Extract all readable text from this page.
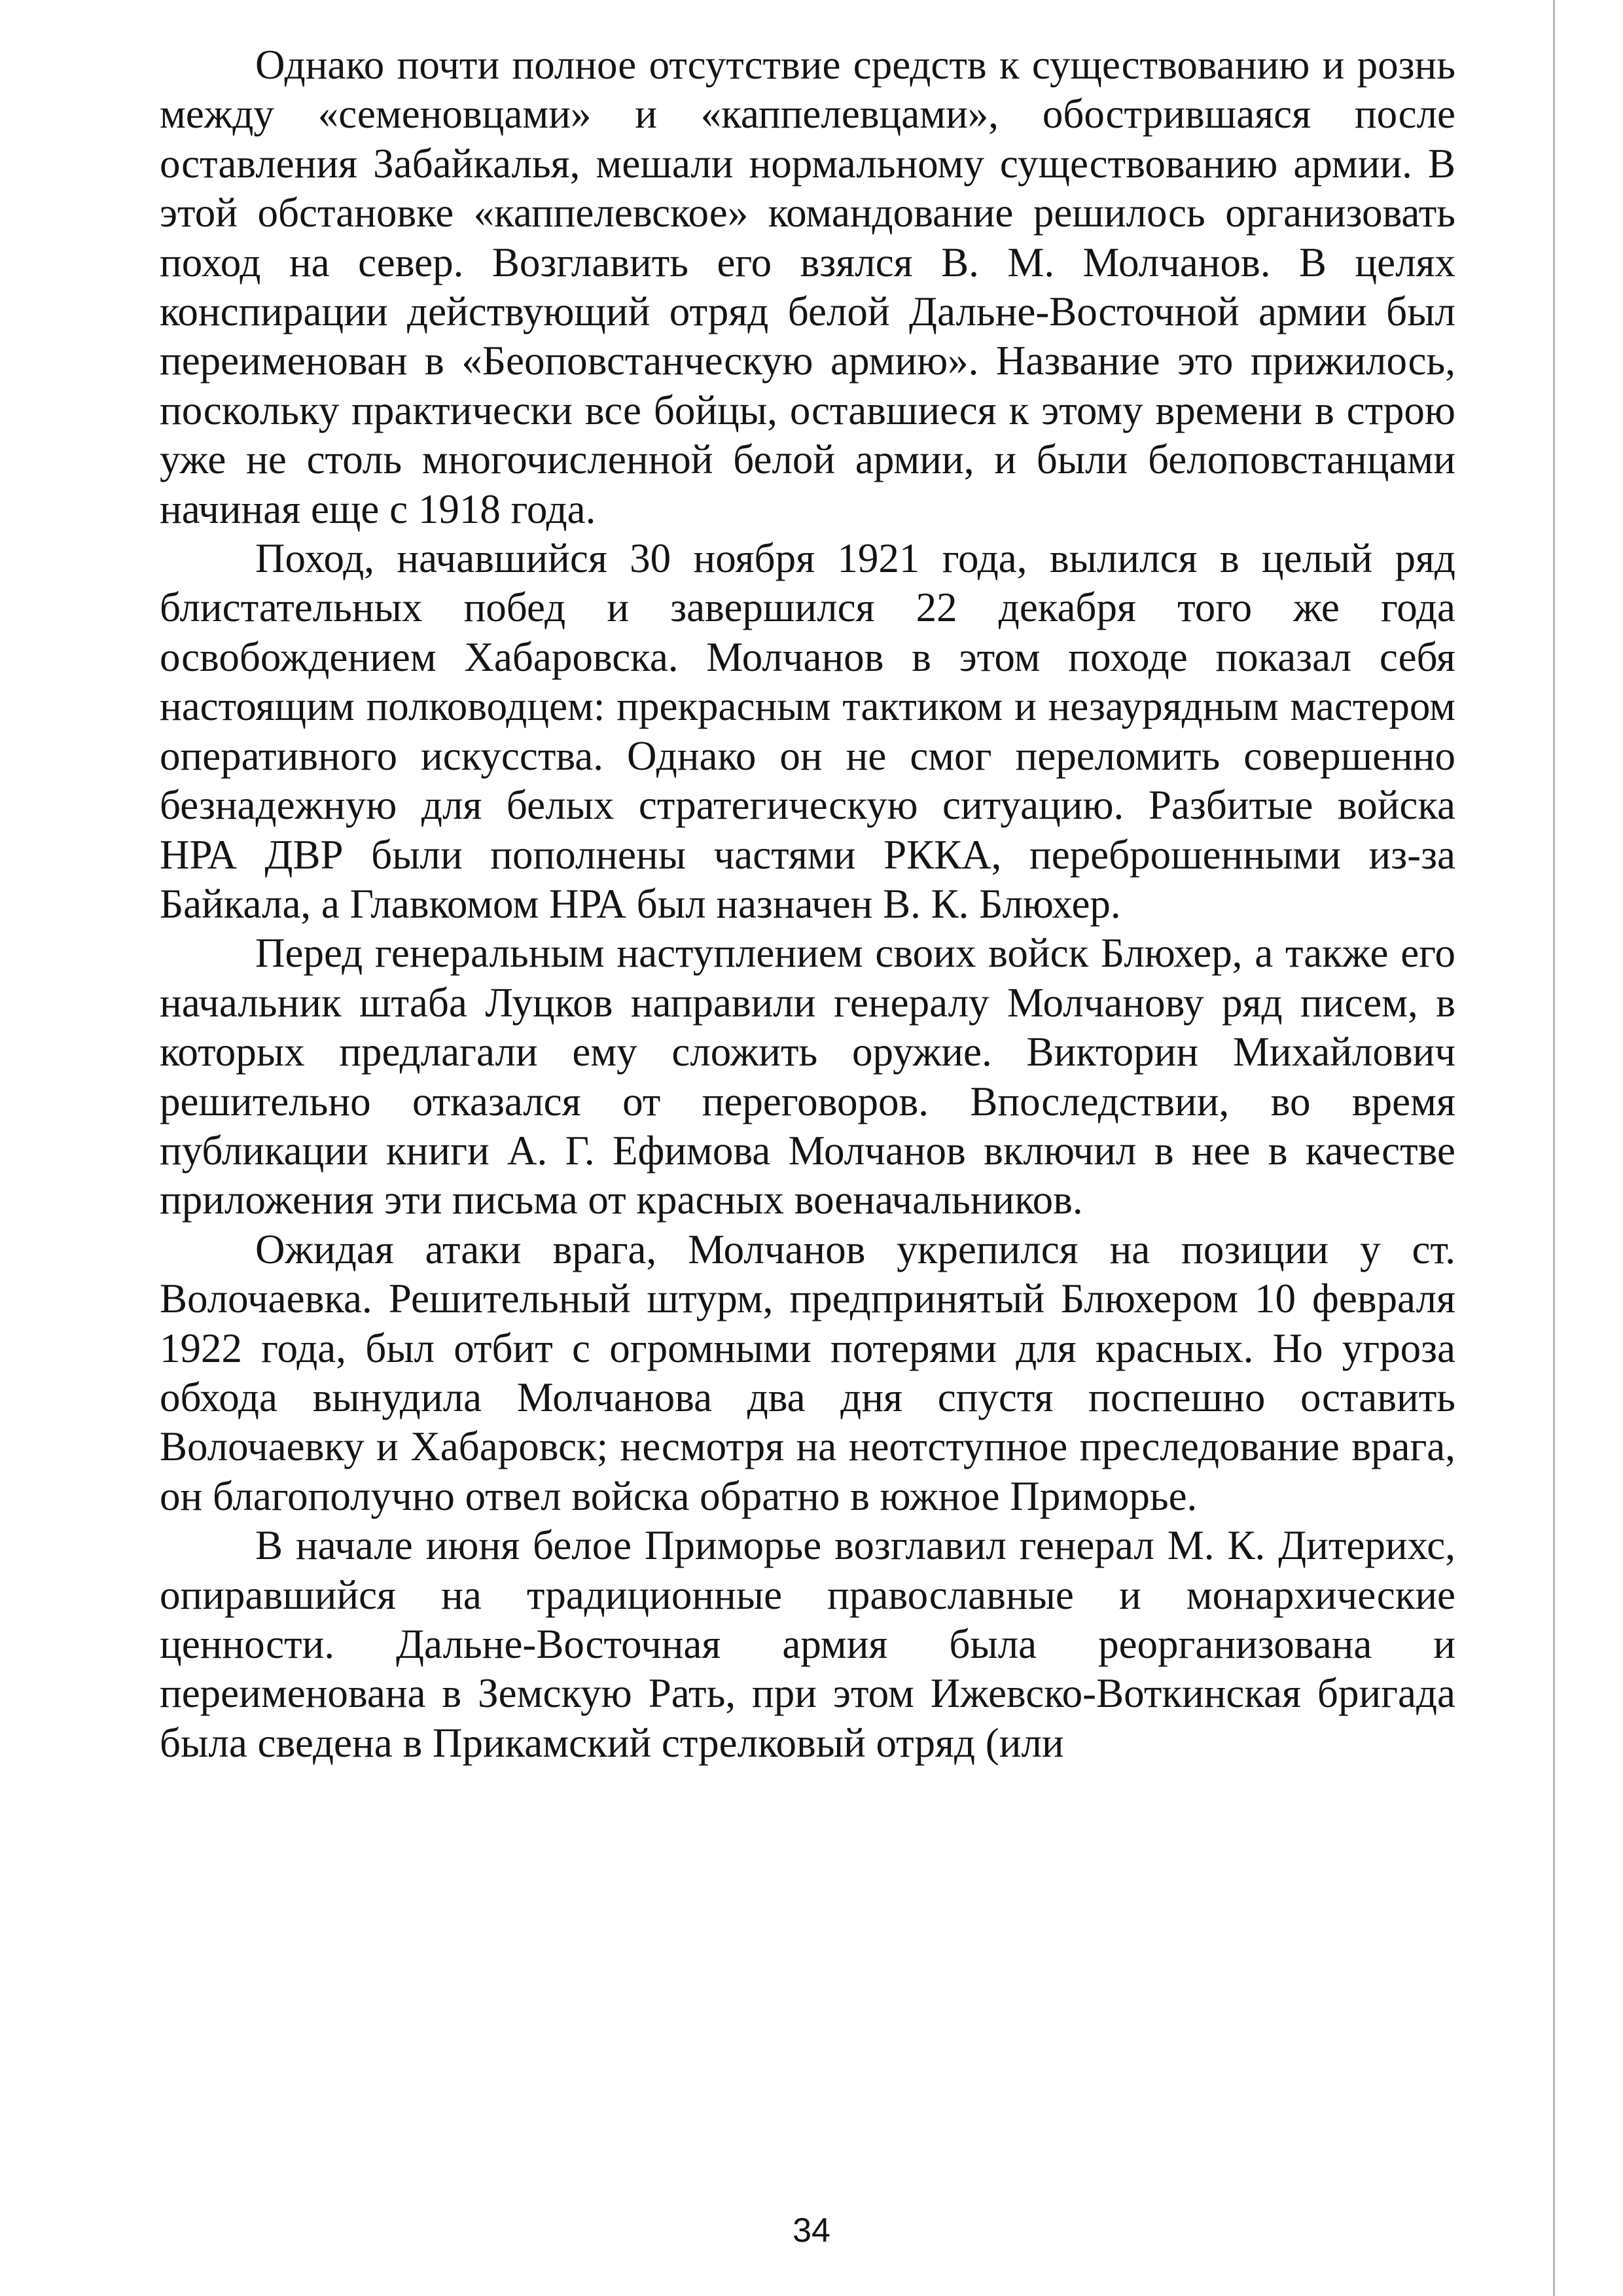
Однако почти полное отсутствие средств к существованию и рознь между «семеновцами» и «каппелевцами», обострившаяся после оставления Забайкалья, мешали нормальному существованию армии. В этой обстановке «каппелевское» командование решилось организовать поход на север. Возглавить его взялся В. М. Молчанов. В целях конспирации действующий отряд белой Дальне-Восточной армии был переименован в «Беоповстанческую армию». Название это прижилось, поскольку практически все бойцы, оставшиеся к этому времени в строю уже не столь многочисленной белой армии, и были белоповстанцами начиная еще с 1918 года.

Поход, начавшийся 30 ноября 1921 года, вылился в целый ряд блистательных побед и завершился 22 декабря того же года освобождением Хабаровска. Молчанов в этом походе показал себя настоящим полководцем: прекрасным тактиком и незаурядным мастером оперативного искусства. Однако он не смог переломить совершенно безнадежную для белых стратегическую ситуацию. Разбитые войска НРА ДВР были пополнены частями РККА, переброшенными из-за Байкала, а Главкомом НРА был назначен В. К. Блюхер.

Перед генеральным наступлением своих войск Блюхер, а также его начальник штаба Луцков направили генералу Молчанову ряд писем, в которых предлагали ему сложить оружие. Викторин Михайлович решительно отказался от переговоров. Впоследствии, во время публикации книги А. Г. Ефимова Молчанов включил в нее в качестве приложения эти письма от красных военачальников.

Ожидая атаки врага, Молчанов укрепился на позиции у ст. Волочаевка. Решительный штурм, предпринятый Блюхером 10 февраля 1922 года, был отбит с огромными потерями для красных. Но угроза обхода вынудила Молчанова два дня спустя поспешно оставить Волочаевку и Хабаровск; несмотря на неотступное преследование врага, он благополучно отвел войска обратно в южное Приморье.

В начале июня белое Приморье возглавил генерал М. К. Дитерихс, опиравшийся на традиционные православные и монархические ценности. Дальне-Восточная армия была реорганизована и переименована в Земскую Рать, при этом Ижевско-Воткинская бригада была сведена в Прикамский стрелковый отряд (или

34
